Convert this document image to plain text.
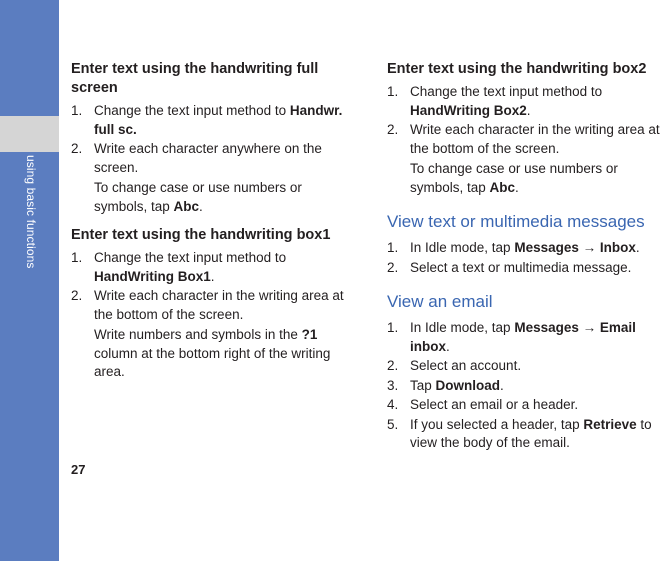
using basic functions
Enter text using the handwriting full screen
1. Change the text input method to Handwr. full sc.
2. Write each character anywhere on the screen.
To change case or use numbers or symbols, tap Abc.
Enter text using the handwriting box1
1. Change the text input method to HandWriting Box1.
2. Write each character in the writing area at the bottom of the screen.
Write numbers and symbols in the ?1 column at the bottom right of the writing area.
Enter text using the handwriting box2
1. Change the text input method to HandWriting Box2.
2. Write each character in the writing area at the bottom of the screen.
To change case or use numbers or symbols, tap Abc.
View text or multimedia messages
1. In Idle mode, tap Messages → Inbox.
2. Select a text or multimedia message.
View an email
1. In Idle mode, tap Messages → Email inbox.
2. Select an account.
3. Tap Download.
4. Select an email or a header.
5. If you selected a header, tap Retrieve to view the body of the email.
27
